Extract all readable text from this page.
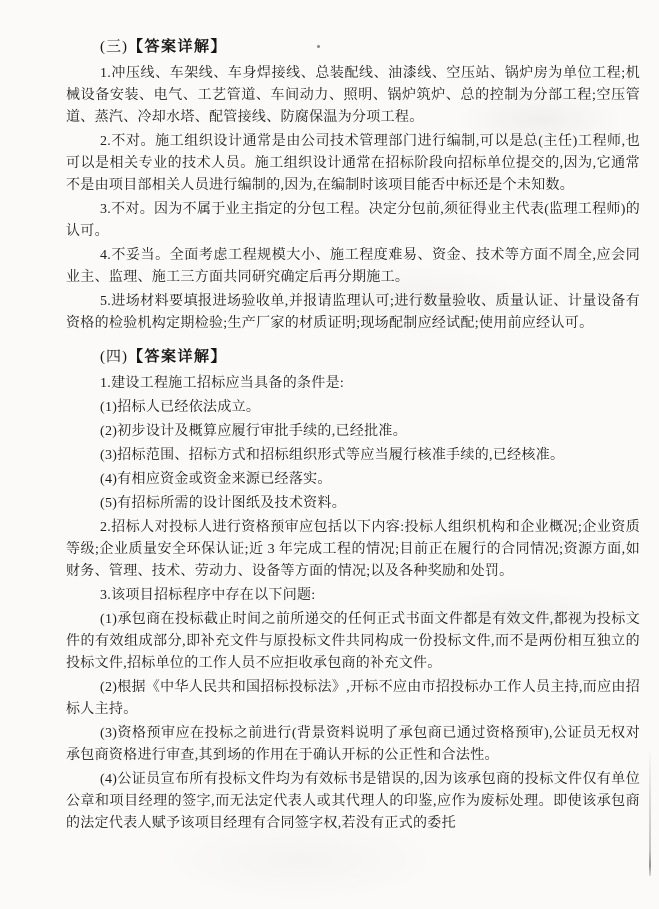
(三)【答案详解】

1.冲压线、车架线、车身焊接线、总装配线、油漆线、空压站、锅炉房为单位工程;机械设备安装、电气、工艺管道、车间动力、照明、锅炉筑炉、总的控制为分部工程;空压管道、蒸汽、冷却水塔、配管接线、防腐保温为分项工程。

2.不对。施工组织设计通常是由公司技术管理部门进行编制,可以是总(主任)工程师,也可以是相关专业的技术人员。施工组织设计通常在招标阶段向招标单位提交的,因为,它通常不是由项目部相关人员进行编制的,因为,在编制时该项目能否中标还是个未知数。

3.不对。因为不属于业主指定的分包工程。决定分包前,须征得业主代表(监理工程师)的认可。

4.不妥当。全面考虑工程规模大小、施工程度难易、资金、技术等方面不周全,应会同业主、监理、施工三方面共同研究确定后再分期施工。

5.进场材料要填报进场验收单,并报请监理认可;进行数量验收、质量认证、计量设备有资格的检验机构定期检验;生产厂家的材质证明;现场配制应经试配;使用前应经认可。

(四)【答案详解】

1.建设工程施工招标应当具备的条件是:

(1)招标人已经依法成立。

(2)初步设计及概算应履行审批手续的,已经批准。

(3)招标范围、招标方式和招标组织形式等应当履行核准手续的,已经核准。

(4)有相应资金或资金来源已经落实。

(5)有招标所需的设计图纸及技术资料。

2.招标人对投标人进行资格预审应包括以下内容:投标人组织机构和企业概况;企业资质等级;企业质量安全环保认证;近 3 年完成工程的情况;目前正在履行的合同情况;资源方面,如财务、管理、技术、劳动力、设备等方面的情况;以及各种奖励和处罚。

3.该项目招标程序中存在以下问题:

(1)承包商在投标截止时间之前所递交的任何正式书面文件都是有效文件,都视为投标文件的有效组成部分,即补充文件与原投标文件共同构成一份投标文件,而不是两份相互独立的投标文件,招标单位的工作人员不应拒收承包商的补充文件。

(2)根据《中华人民共和国招标投标法》,开标不应由市招投标办工作人员主持,而应由招标人主持。

(3)资格预审应在投标之前进行(背景资料说明了承包商已通过资格预审),公证员无权对承包商资格进行审查,其到场的作用在于确认开标的公正性和合法性。

(4)公证员宣布所有投标文件均为有效标书是错误的,因为该承包商的投标文件仅有单位公章和项目经理的签字,而无法定代表人或其代理人的印鉴,应作为废标处理。即使该承包商的法定代表人赋予该项目经理有合同签字权,若没有正式的委托
